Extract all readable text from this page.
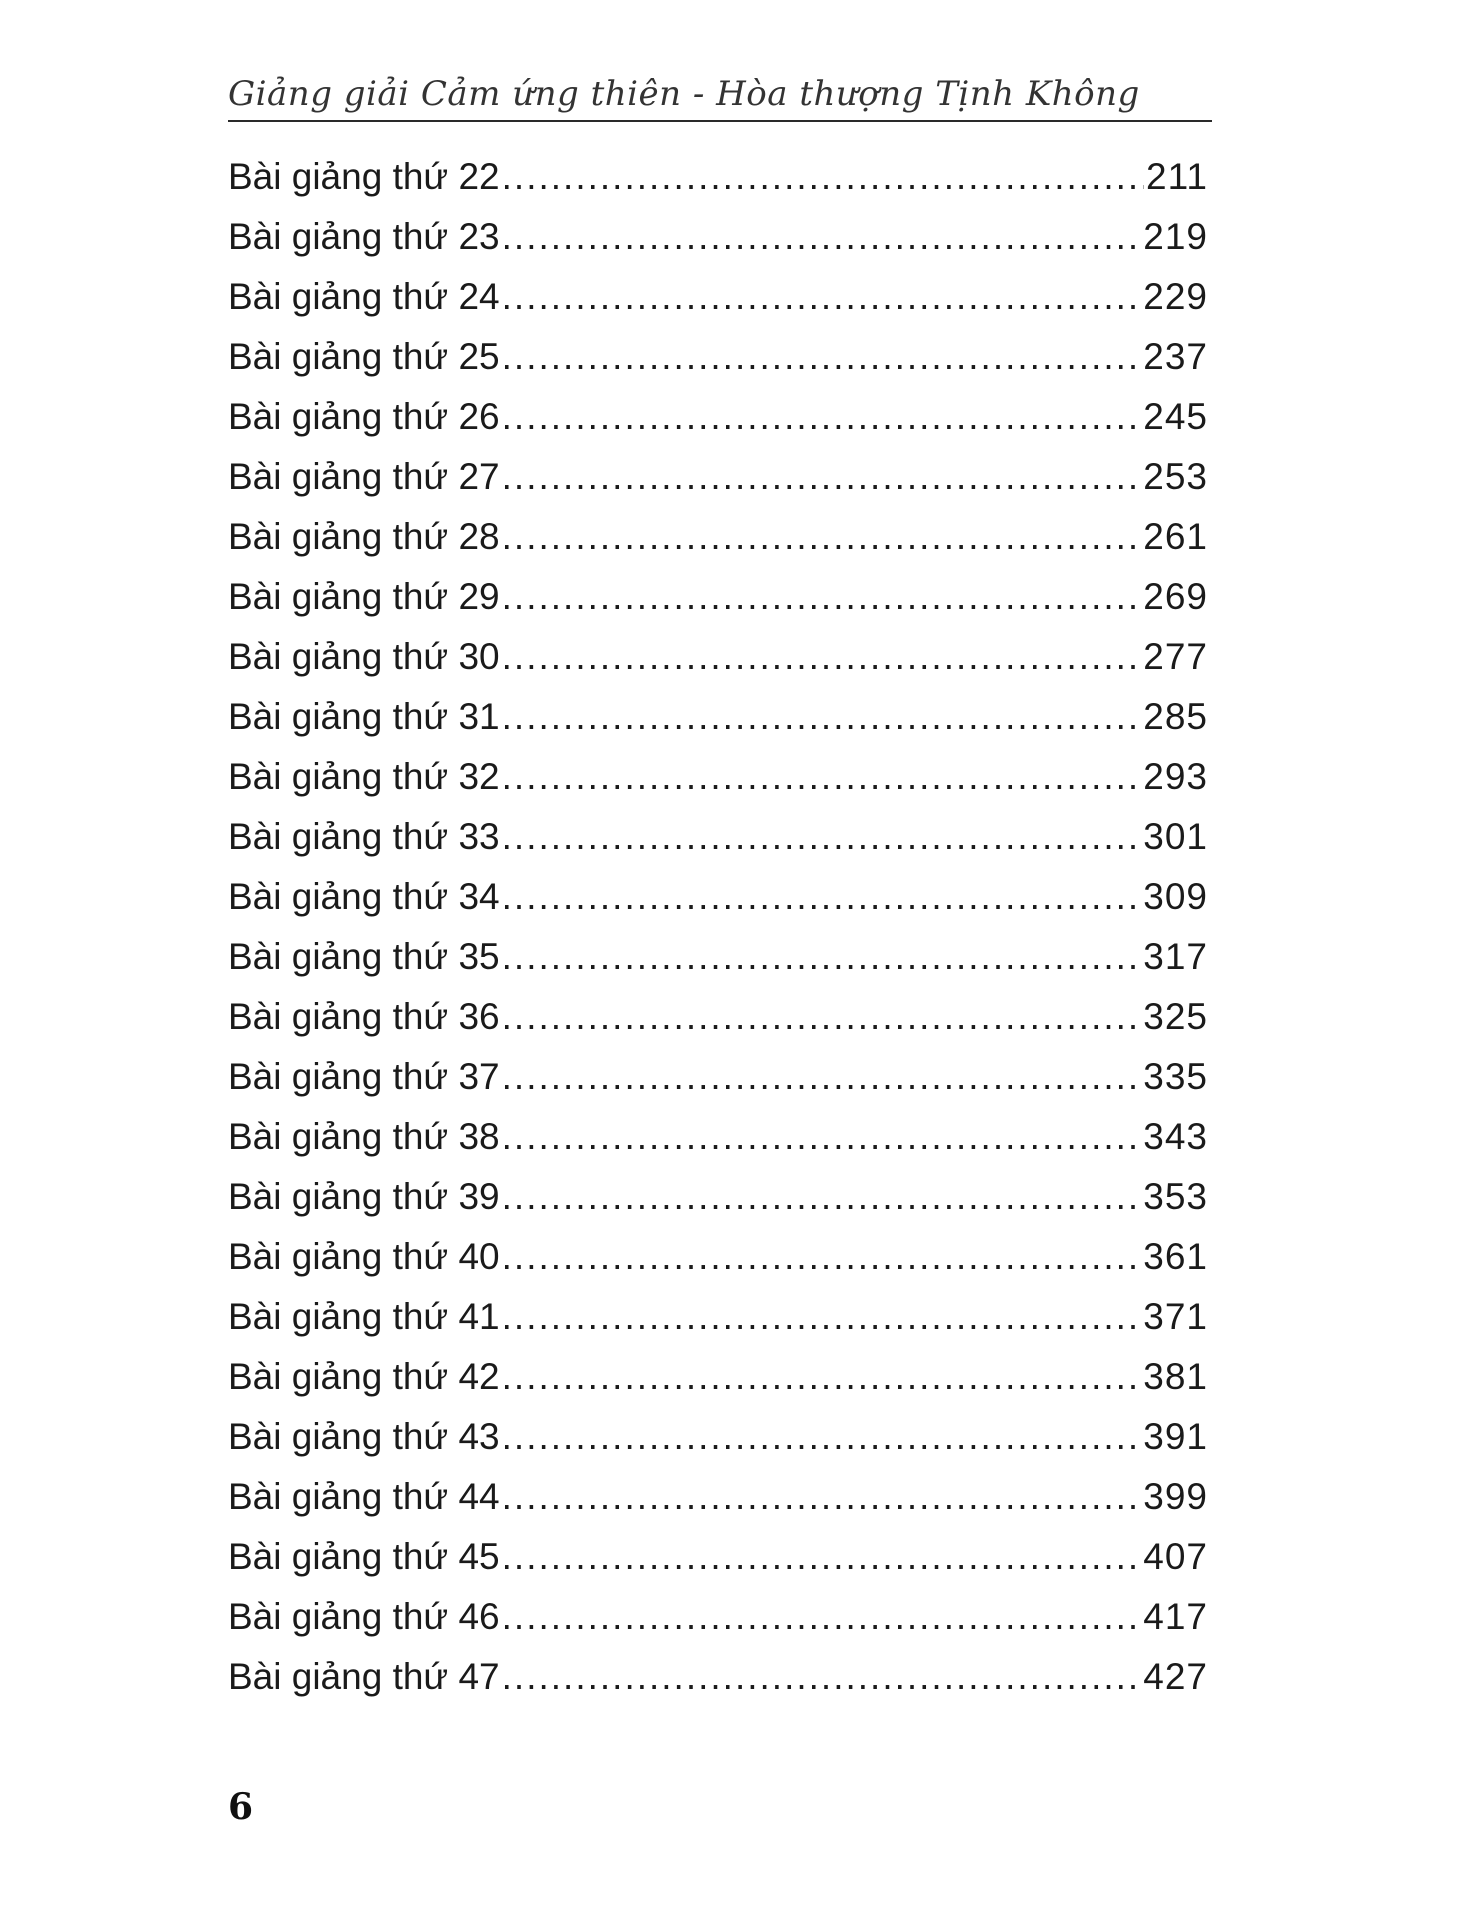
Giảng giải Cảm ứng thiên - Hòa thượng Tịnh Không
Bài giảng thứ 22 .....	211
Bài giảng thứ 23 .....	219
Bài giảng thứ 24 .....	229
Bài giảng thứ 25 .....	237
Bài giảng thứ 26 .....	245
Bài giảng thứ 27 .....	253
Bài giảng thứ 28 .....	261
Bài giảng thứ 29 .....	269
Bài giảng thứ 30 .....	277
Bài giảng thứ 31 .....	285
Bài giảng thứ 32 .....	293
Bài giảng thứ 33 .....	301
Bài giảng thứ 34 .....	309
Bài giảng thứ 35 .....	317
Bài giảng thứ 36 .....	325
Bài giảng thứ 37 .....	335
Bài giảng thứ 38 .....	343
Bài giảng thứ 39 .....	353
Bài giảng thứ 40 .....	361
Bài giảng thứ 41 .....	371
Bài giảng thứ 42 .....	381
Bài giảng thứ 43 .....	391
Bài giảng thứ 44 .....	399
Bài giảng thứ 45 .....	407
Bài giảng thứ 46 .....	417
Bài giảng thứ 47 .....	427
6
